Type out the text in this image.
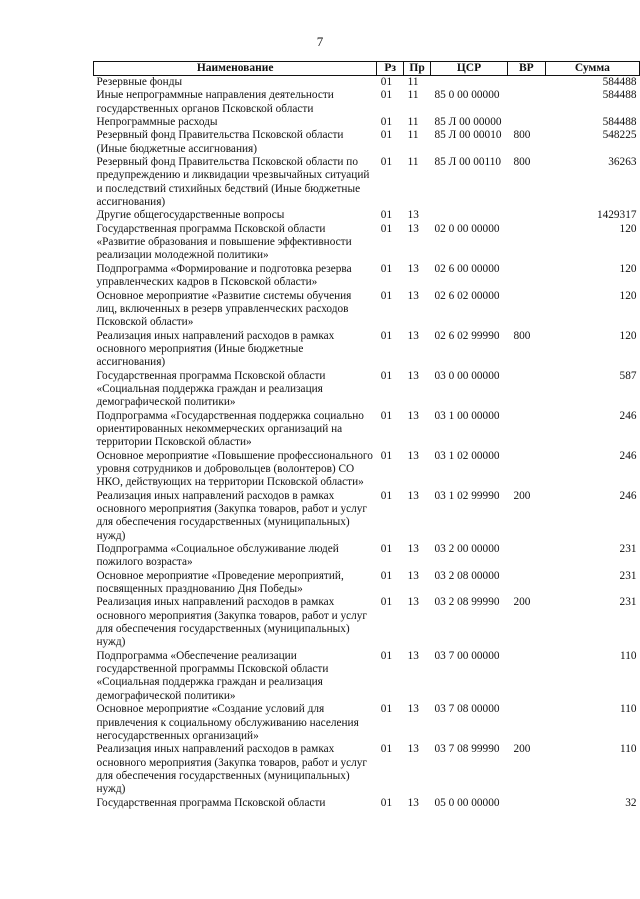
7
Наименование	Рз	Пр	ЦСР	ВР	Сумма
Резервные фонды	01	11			584488
Иные непрограммные направления деятельности государственных органов Псковской области	01	11	85 0 00 00000		584488
Непрограммные расходы	01	11	85 Л 00 00000		584488
Резервный фонд Правительства Псковской области (Иные бюджетные ассигнования)	01	11	85 Л 00 00010	800	548225
Резервный фонд Правительства Псковской области по предупреждению и ликвидации чрезвычайных ситуаций и последствий стихийных бедствий (Иные бюджетные ассигнования)	01	11	85 Л 00 00110	800	36263
Другие общегосударственные вопросы	01	13			1429317
Государственная программа Псковской области «Развитие образования и повышение эффективности реализации молодежной политики»	01	13	02 0 00 00000		120
Подпрограмма «Формирование и подготовка резерва управленческих кадров в Псковской области»	01	13	02 6 00 00000		120
Основное мероприятие «Развитие системы обучения лиц, включенных в резерв управленческих расходов Псковской области»	01	13	02 6 02 00000		120
Реализация иных направлений расходов в рамках основного мероприятия (Иные бюджетные ассигнования)	01	13	02 6 02 99990	800	120
Государственная программа Псковской области «Социальная поддержка граждан и реализация демографической политики»	01	13	03 0 00 00000		587
Подпрограмма «Государственная поддержка социально ориентированных некоммерческих организаций на территории Псковской области»	01	13	03 1 00 00000		246
Основное мероприятие «Повышение профессионального уровня сотрудников и добровольцев (волонтеров) СО НКО, действующих на территории Псковской области»	01	13	03 1 02 00000		246
Реализация иных направлений расходов в рамках основного мероприятия (Закупка товаров, работ и услуг для обеспечения государственных (муниципальных) нужд)	01	13	03 1 02 99990	200	246
Подпрограмма «Социальное обслуживание людей пожилого возраста»	01	13	03 2 00 00000		231
Основное мероприятие «Проведение мероприятий, посвященных празднованию Дня Победы»	01	13	03 2 08 00000		231
Реализация иных направлений расходов в рамках основного мероприятия (Закупка товаров, работ и услуг для обеспечения государственных (муниципальных) нужд)	01	13	03 2 08 99990	200	231
Подпрограмма «Обеспечение реализации государственной программы Псковской области «Социальная поддержка граждан и реализация демографической политики»	01	13	03 7 00 00000		110
Основное мероприятие «Создание условий для привлечения к социальному обслуживанию населения негосударственных организаций»	01	13	03 7 08 00000		110
Реализация иных направлений расходов в рамках основного мероприятия (Закупка товаров, работ и услуг для обеспечения государственных (муниципальных) нужд)	01	13	03 7 08 99990	200	110
Государственная программа Псковской области	01	13	05 0 00 00000		32
